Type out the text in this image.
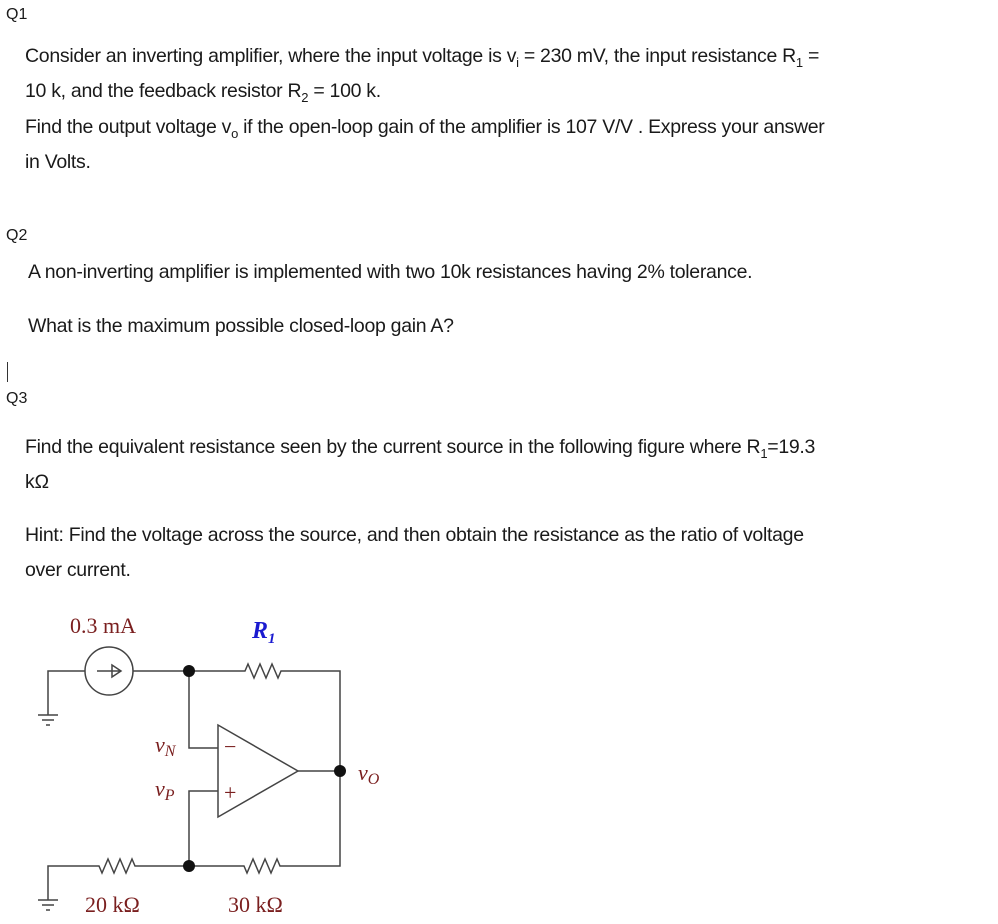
Q1
Consider an inverting amplifier, where the input voltage is $v_i = 230$ mV, the input resistance $R_1$ =
10 k, and the feedback resistor $R_2 = 100$ k.
Find the output voltage $v_o$ if the open-loop gain of the amplifier is 107 V/V . Express your answer
in Volts.
Q2
A non-inverting amplifier is implemented with two 10k resistances having 2% tolerance.
What is the maximum possible closed-loop gain A?
Q3
Find the equivalent resistance seen by the current source in the following figure where $R_1=19.3$
kΩ
Hint: Find the voltage across the source, and then obtain the resistance as the ratio of voltage
over current.
0.3 mA	$R_1$
vN
vP
vO
−
+
20 kΩ	30 kΩ
